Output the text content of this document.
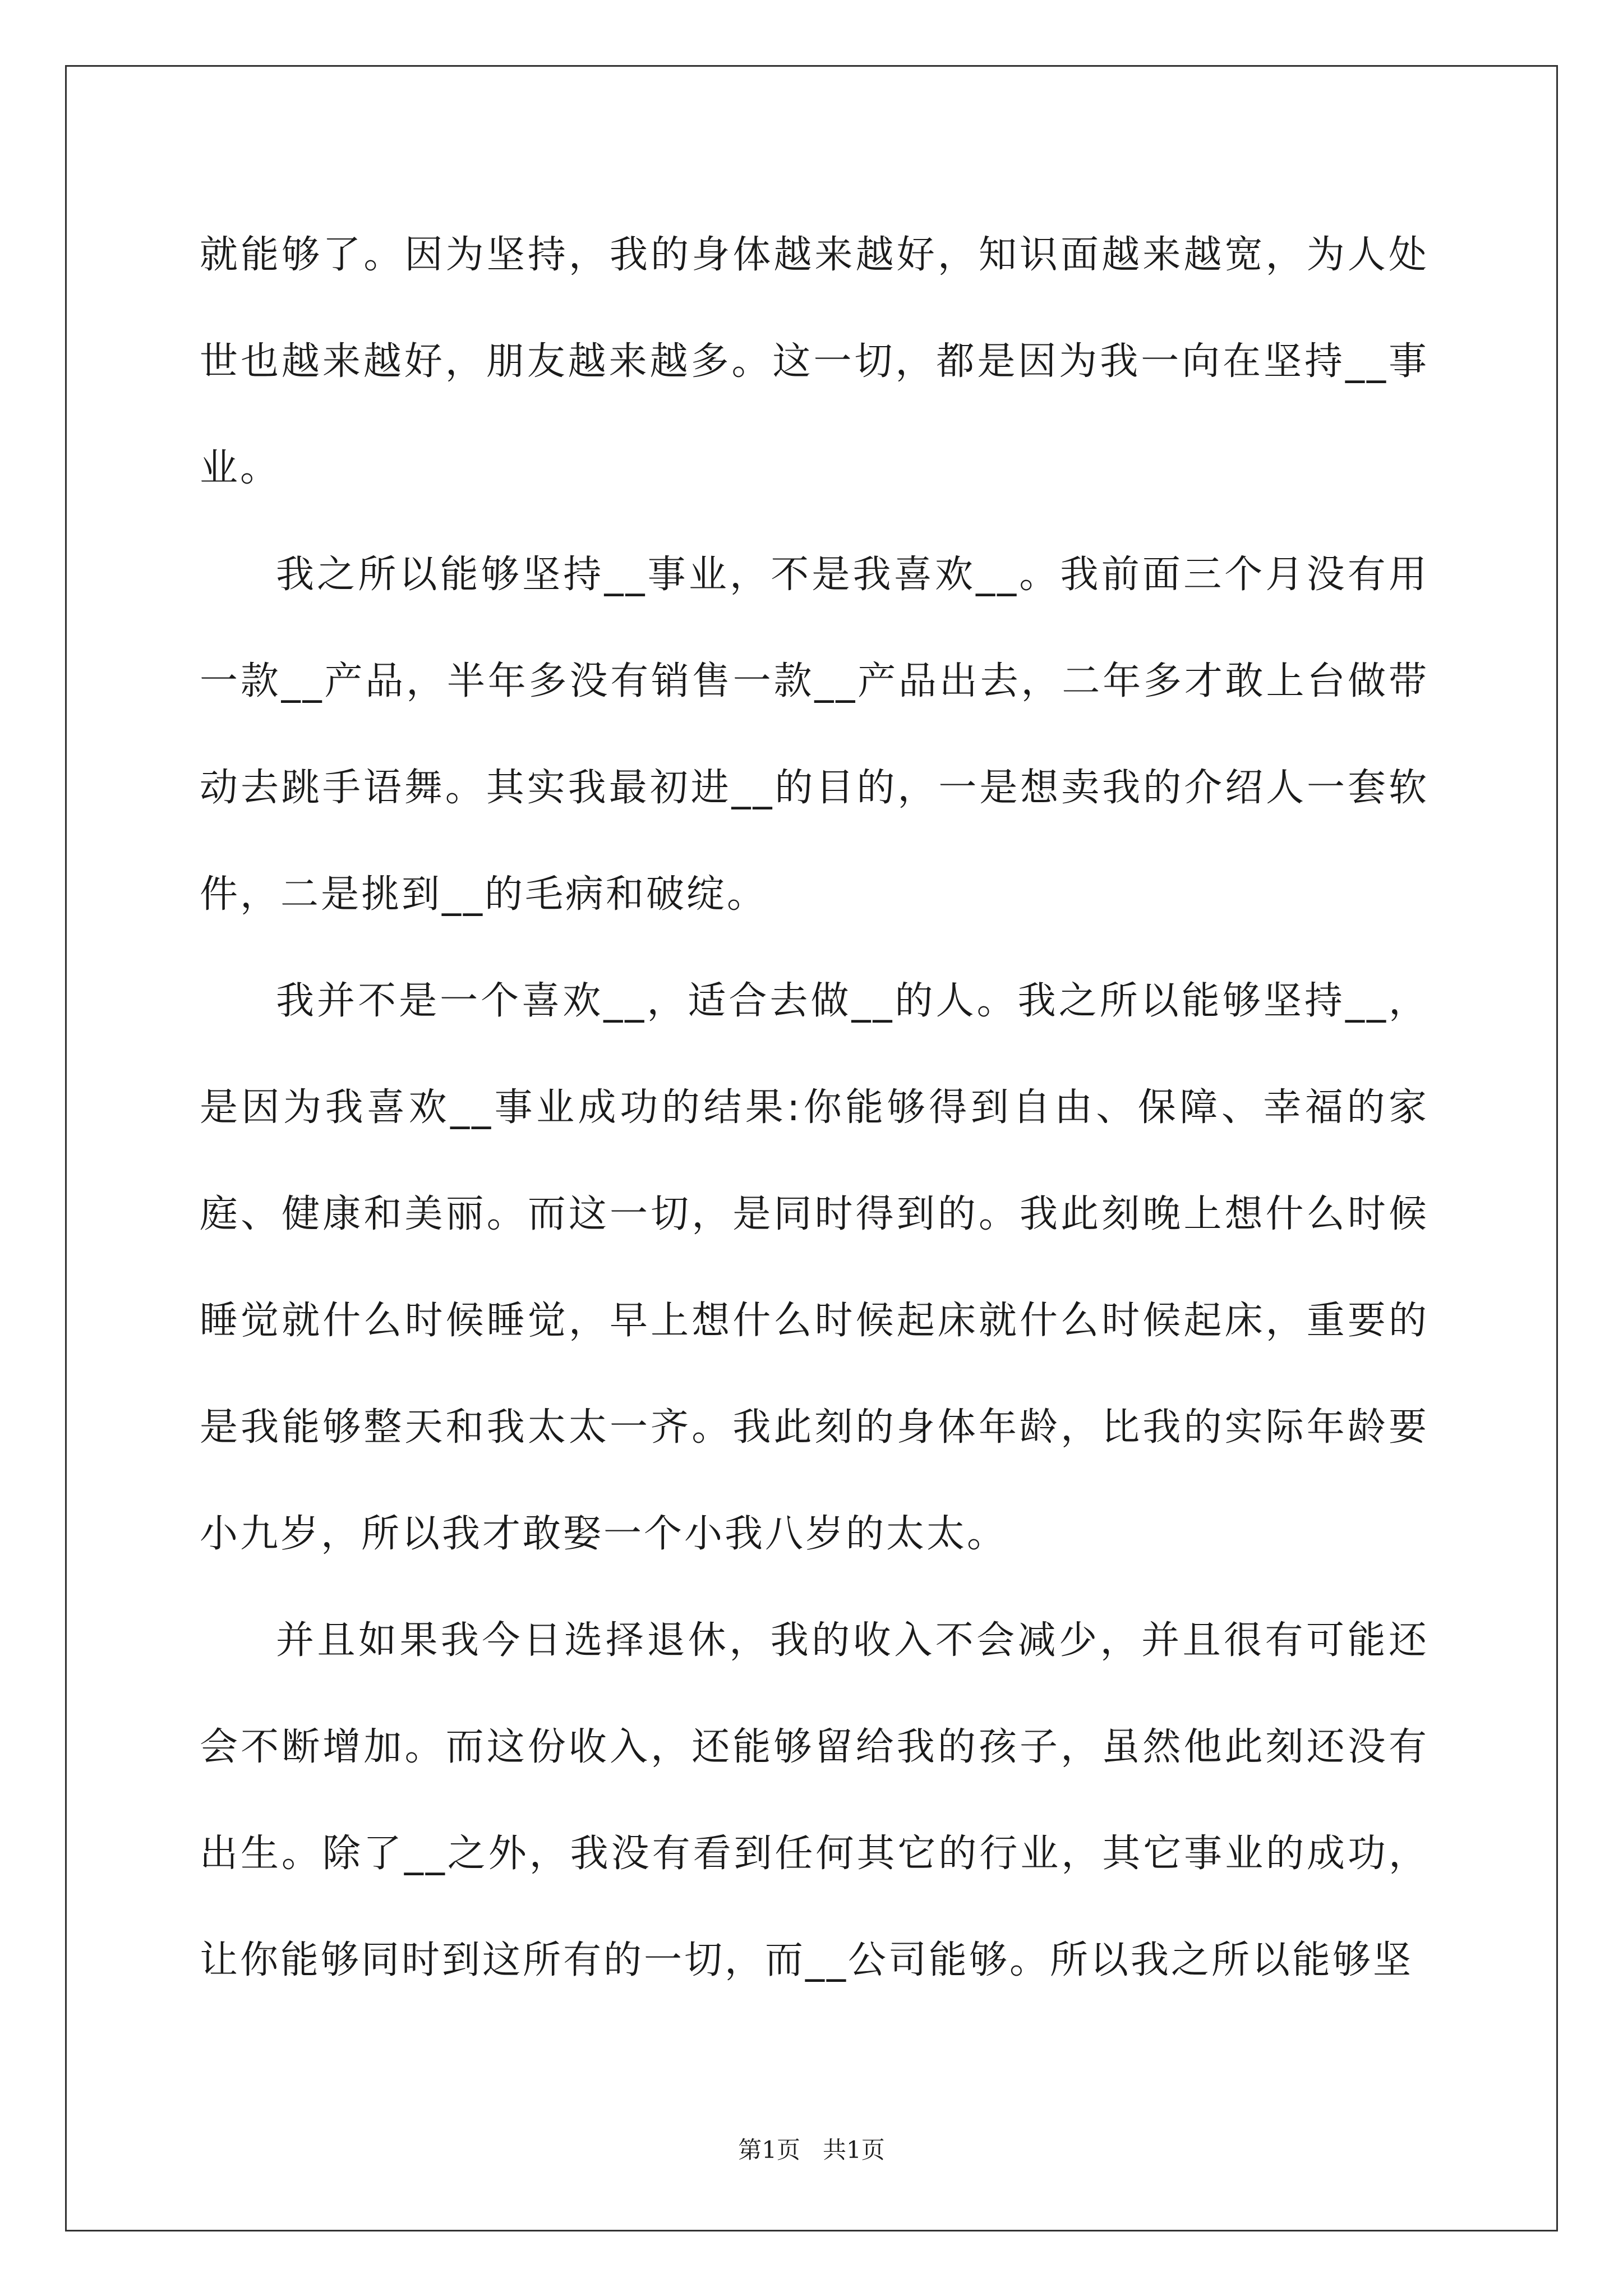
就能够了。因为坚持，我的身体越来越好，知识面越来越宽，为人处世也越来越好，朋友越来越多。这一切，都是因为我一向在坚持__事业。

我之所以能够坚持__事业，不是我喜欢__。我前面三个月没有用一款__产品，半年多没有销售一款__产品出去，二年多才敢上台做带动去跳手语舞。其实我最初进__的目的，一是想卖我的介绍人一套软件，二是挑到__的毛病和破绽。

我并不是一个喜欢__，适合去做__的人。我之所以能够坚持__，是因为我喜欢__事业成功的结果:你能够得到自由、保障、幸福的家庭、健康和美丽。而这一切，是同时得到的。我此刻晚上想什么时候睡觉就什么时候睡觉，早上想什么时候起床就什么时候起床，重要的是我能够整天和我太太一齐。我此刻的身体年龄，比我的实际年龄要小九岁，所以我才敢娶一个小我八岁的太太。

并且如果我今日选择退休，我的收入不会减少，并且很有可能还会不断增加。而这份收入，还能够留给我的孩子，虽然他此刻还没有出生。除了__之外，我没有看到任何其它的行业，其它事业的成功，让你能够同时到这所有的一切，而__公司能够。所以我之所以能够坚

第1页   共1页
